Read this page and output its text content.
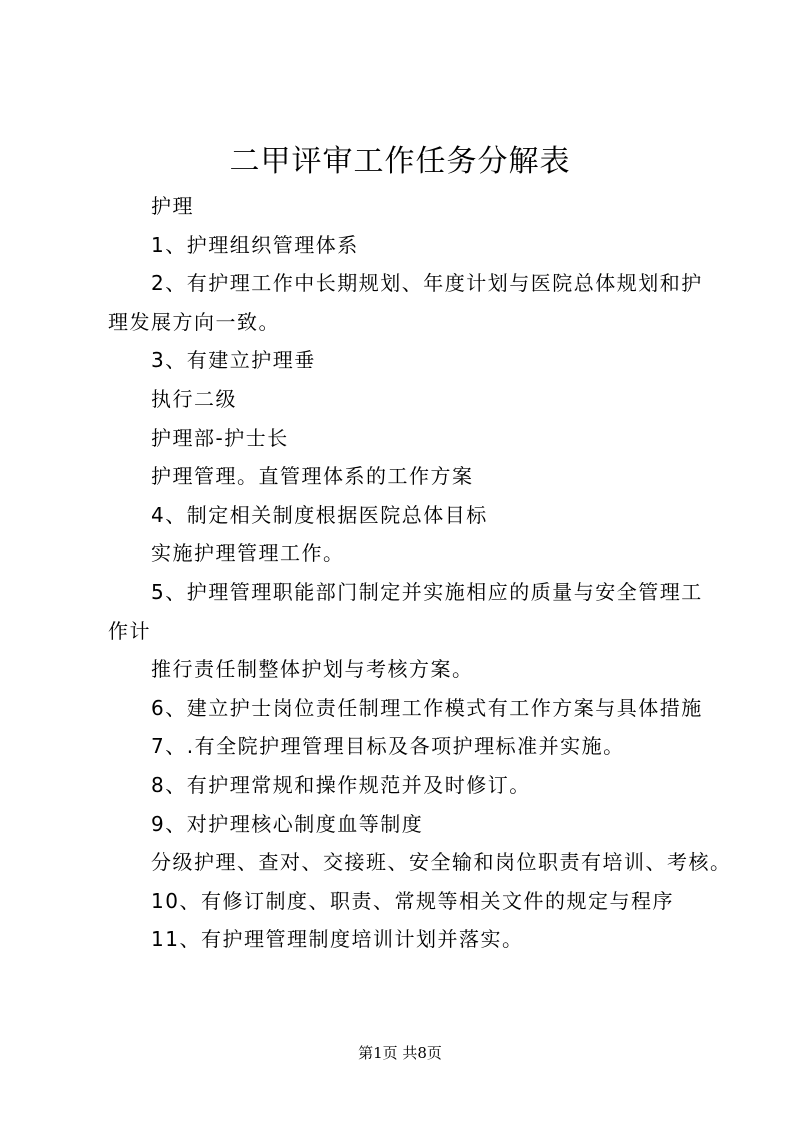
二甲评审工作任务分解表
护理
1、护理组织管理体系
2、有护理工作中长期规划、年度计划与医院总体规划和护
理发展方向一致。
3、有建立护理垂
执行二级
护理部-护士长
护理管理。直管理体系的工作方案
4、制定相关制度根据医院总体目标
实施护理管理工作。
5、护理管理职能部门制定并实施相应的质量与安全管理工
作计
推行责任制整体护划与考核方案。
6、建立护士岗位责任制理工作模式有工作方案与具体措施
7、.有全院护理管理目标及各项护理标准并实施。
8、有护理常规和操作规范并及时修订。
9、对护理核心制度血等制度
分级护理、查对、交接班、安全输和岗位职责有培训、考核。
10、有修订制度、职责、常规等相关文件的规定与程序
11、有护理管理制度培训计划并落实。
第1页 共8页
